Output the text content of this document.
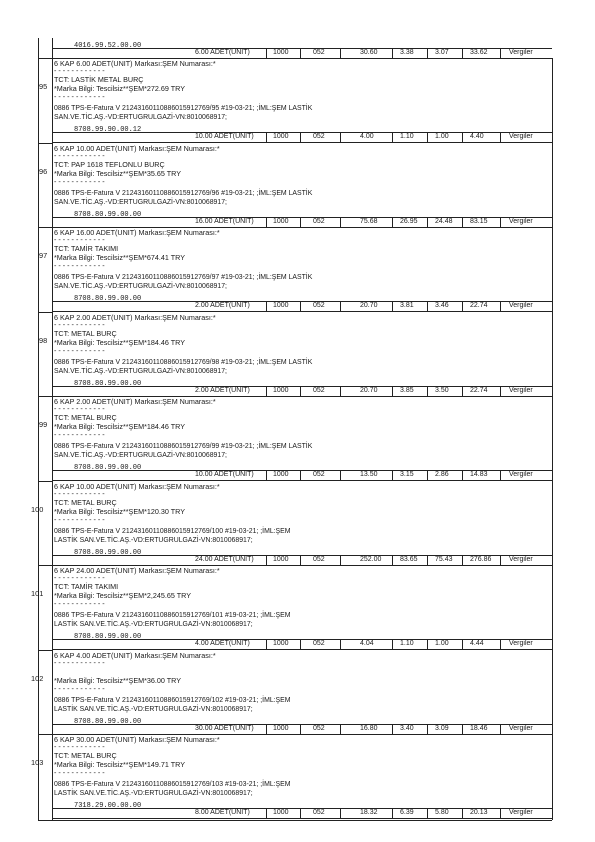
4016.99.52.00.00
6.00 ADET(UNIT)	1000	052	30.60	3.38	3.07	33.62	Vergiler
95
6 KAP 6.00 ADET(UNIT) Markası:ŞEM Numarası:*
- - - - - - - - - - - -
TCT: LASTİK METAL BURÇ
*Marka Bilgi: Tescilsiz**ŞEM*272.69 TRY
- - - - - - - - - - - -
0886 TPS-E-Fatura V 21243160110886015912769/95 #19-03-21; ;İML:ŞEM LASTİK
SAN.VE.TİC.AŞ.-VD:ERTUGRULGAZİ-VN:8010068917;
8708.99.90.00.12
10.00 ADET(UNIT)	1000	052	4.00	1.10	1.00	4.40	Vergiler
96
6 KAP 10.00 ADET(UNIT) Markası:ŞEM Numarası:*
- - - - - - - - - - - -
TCT: PAP 1618 TEFLONLU BURÇ
*Marka Bilgi: Tescilsiz**ŞEM*35.65 TRY
- - - - - - - - - - - -
0886 TPS-E-Fatura V 21243160110886015912769/96 #19-03-21; ;İML:ŞEM LASTİK
SAN.VE.TİC.AŞ.-VD:ERTUGRULGAZİ-VN:8010068917;
8708.80.99.00.00
16.00 ADET(UNIT)	1000	052	75.68	26.95 24.48 83.15	Vergiler
97
6 KAP 16.00 ADET(UNIT) Markası:ŞEM Numarası:*
- - - - - - - - - - - -
TCT: TAMİR TAKIMI
*Marka Bilgi: Tescilsiz**ŞEM*674.41 TRY
- - - - - - - - - - - -
0886 TPS-E-Fatura V 21243160110886015912769/97 #19-03-21; ;İML:ŞEM LASTİK
SAN.VE.TİC.AŞ.-VD:ERTUGRULGAZİ-VN:8010068917;
8708.80.99.00.00
2.00 ADET(UNIT)	1000	052	20.70	3.81	3.46	22.74	Vergiler
98
6 KAP 2.00 ADET(UNIT) Markası:ŞEM Numarası:*
- - - - - - - - - - - -
TCT: METAL BURÇ
*Marka Bilgi: Tescilsiz**ŞEM*184.46 TRY
- - - - - - - - - - - -
0886 TPS-E-Fatura V 21243160110886015912769/98 #19-03-21; ;İML:ŞEM LASTİK
SAN.VE.TİC.AŞ.-VD:ERTUGRULGAZİ-VN:8010068917;
8708.80.99.00.00
2.00 ADET(UNIT)	1000	052	20.70	3.85	3.50	22.74	Vergiler
99
6 KAP 2.00 ADET(UNIT) Markası:ŞEM Numarası:*
- - - - - - - - - - - -
TCT: METAL BURÇ
*Marka Bilgi: Tescilsiz**ŞEM*184.46 TRY
- - - - - - - - - - - -
0886 TPS-E-Fatura V 21243160110886015912769/99 #19-03-21; ;İML:ŞEM LASTİK
SAN.VE.TİC.AŞ.-VD:ERTUGRULGAZİ-VN:8010068917;
8708.80.99.00.00
10.00 ADET(UNIT)	1000	052	13.50	3.15	2.86	14.83	Vergiler
100
6 KAP 10.00 ADET(UNIT) Markası:ŞEM Numarası:*
- - - - - - - - - - - -
TCT: METAL BURÇ
*Marka Bilgi: Tescilsiz**ŞEM*120.30 TRY
- - - - - - - - - - - -
0886 TPS-E-Fatura V 21243160110886015912769/100 #19-03-21; ;İML:ŞEM
LASTİK SAN.VE.TİC.AŞ.-VD:ERTUGRULGAZİ-VN:8010068917;
8708.80.99.00.00
24.00 ADET(UNIT)	1000	052	252.00	83.65 75.43 276.86	Vergiler
101
6 KAP 24.00 ADET(UNIT) Markası:ŞEM Numarası:*
- - - - - - - - - - - -
TCT: TAMİR TAKIMI
*Marka Bilgi: Tescilsiz**ŞEM*2,245.65 TRY
- - - - - - - - - - - -
0886 TPS-E-Fatura V 21243160110886015912769/101 #19-03-21; ;İML:ŞEM
LASTİK SAN.VE.TİC.AŞ.-VD:ERTUGRULGAZİ-VN:8010068917;
8708.80.99.00.00
4.00 ADET(UNIT)	1000	052	4.04	1.10	1.00	4.44	Vergiler
102
6 KAP 4.00 ADET(UNIT) Markası:ŞEM Numarası:*
- - - - - - - - - - - -
*Marka Bilgi: Tescilsiz**ŞEM*36.00 TRY
- - - - - - - - - - - -
0886 TPS-E-Fatura V 21243160110886015912769/102 #19-03-21; ;İML:ŞEM
LASTİK SAN.VE.TİC.AŞ.-VD:ERTUGRULGAZİ-VN:8010068917;
8708.80.99.00.00
30.00 ADET(UNIT)	1000	052	16.80	3.40	3.09	18.46	Vergiler
103
6 KAP 30.00 ADET(UNIT) Markası:ŞEM Numarası:*
- - - - - - - - - - - -
TCT: METAL BURÇ
*Marka Bilgi: Tescilsiz**ŞEM*149.71 TRY
- - - - - - - - - - - -
0886 TPS-E-Fatura V 21243160110886015912769/103 #19-03-21; ;İML:ŞEM
LASTİK SAN.VE.TİC.AŞ.-VD:ERTUGRULGAZİ-VN:8010068917;
7318.29.00.00.00
8.00 ADET(UNIT)	1000	052	18.32	6.39	5.80	20.13	Vergiler
